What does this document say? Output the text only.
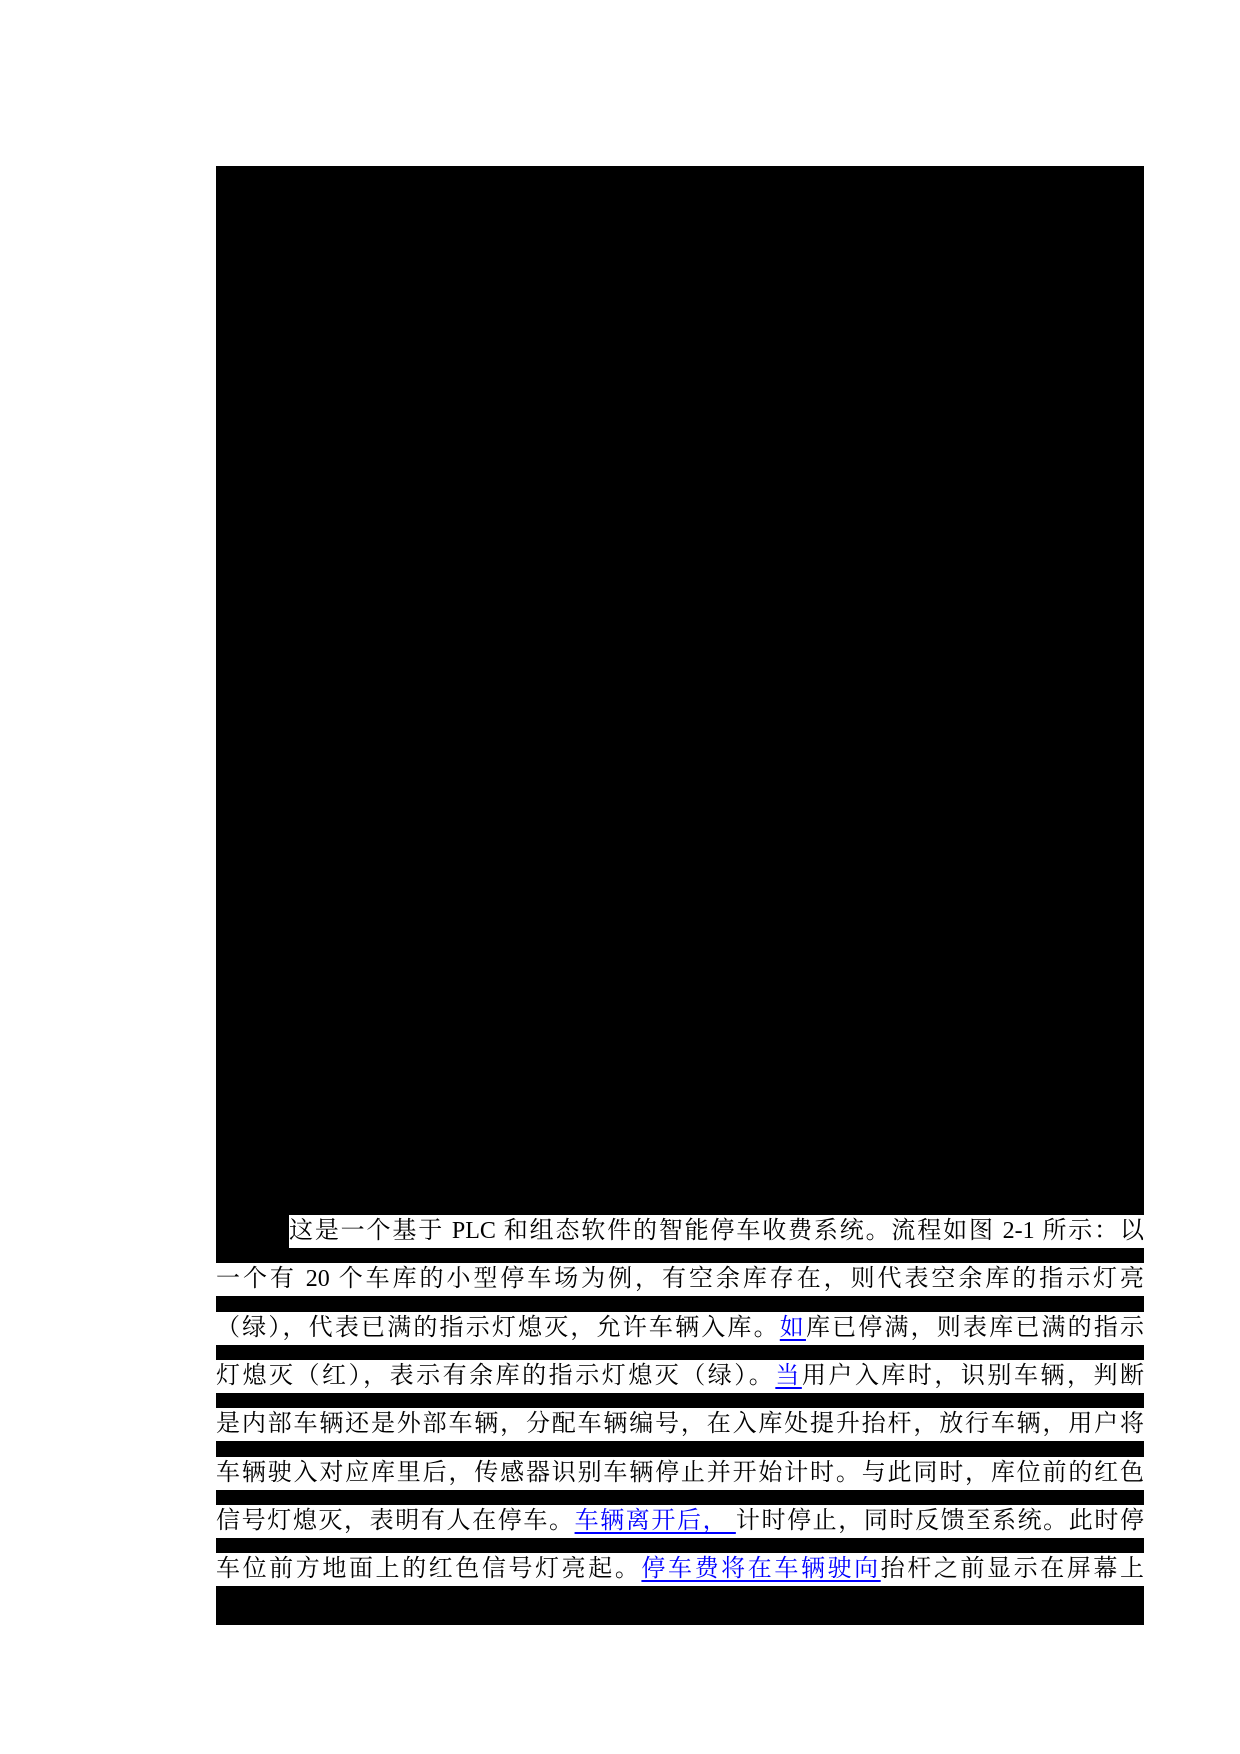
这是一个基于 PLC 和组态软件的智能停车收费系统。流程如图 2-1 所示：以
一个有 20 个车库的小型停车场为例，有空余库存在，则代表空余库的指示灯亮
（绿），代表已满的指示灯熄灭，允许车辆入库。如库已停满，则表库已满的指示
灯熄灭（红），表示有余库的指示灯熄灭（绿）。当用户入库时，识别车辆，判断
是内部车辆还是外部车辆，分配车辆编号，在入库处提升抬杆，放行车辆，用户将
车辆驶入对应库里后，传感器识别车辆停止并开始计时。与此同时，库位前的红色
信号灯熄灭，表明有人在停车。车辆离开后， 计时停止，同时反馈至系统。此时停
车位前方地面上的红色信号灯亮起。停车费将在车辆驶向抬杆之前显示在屏幕上
